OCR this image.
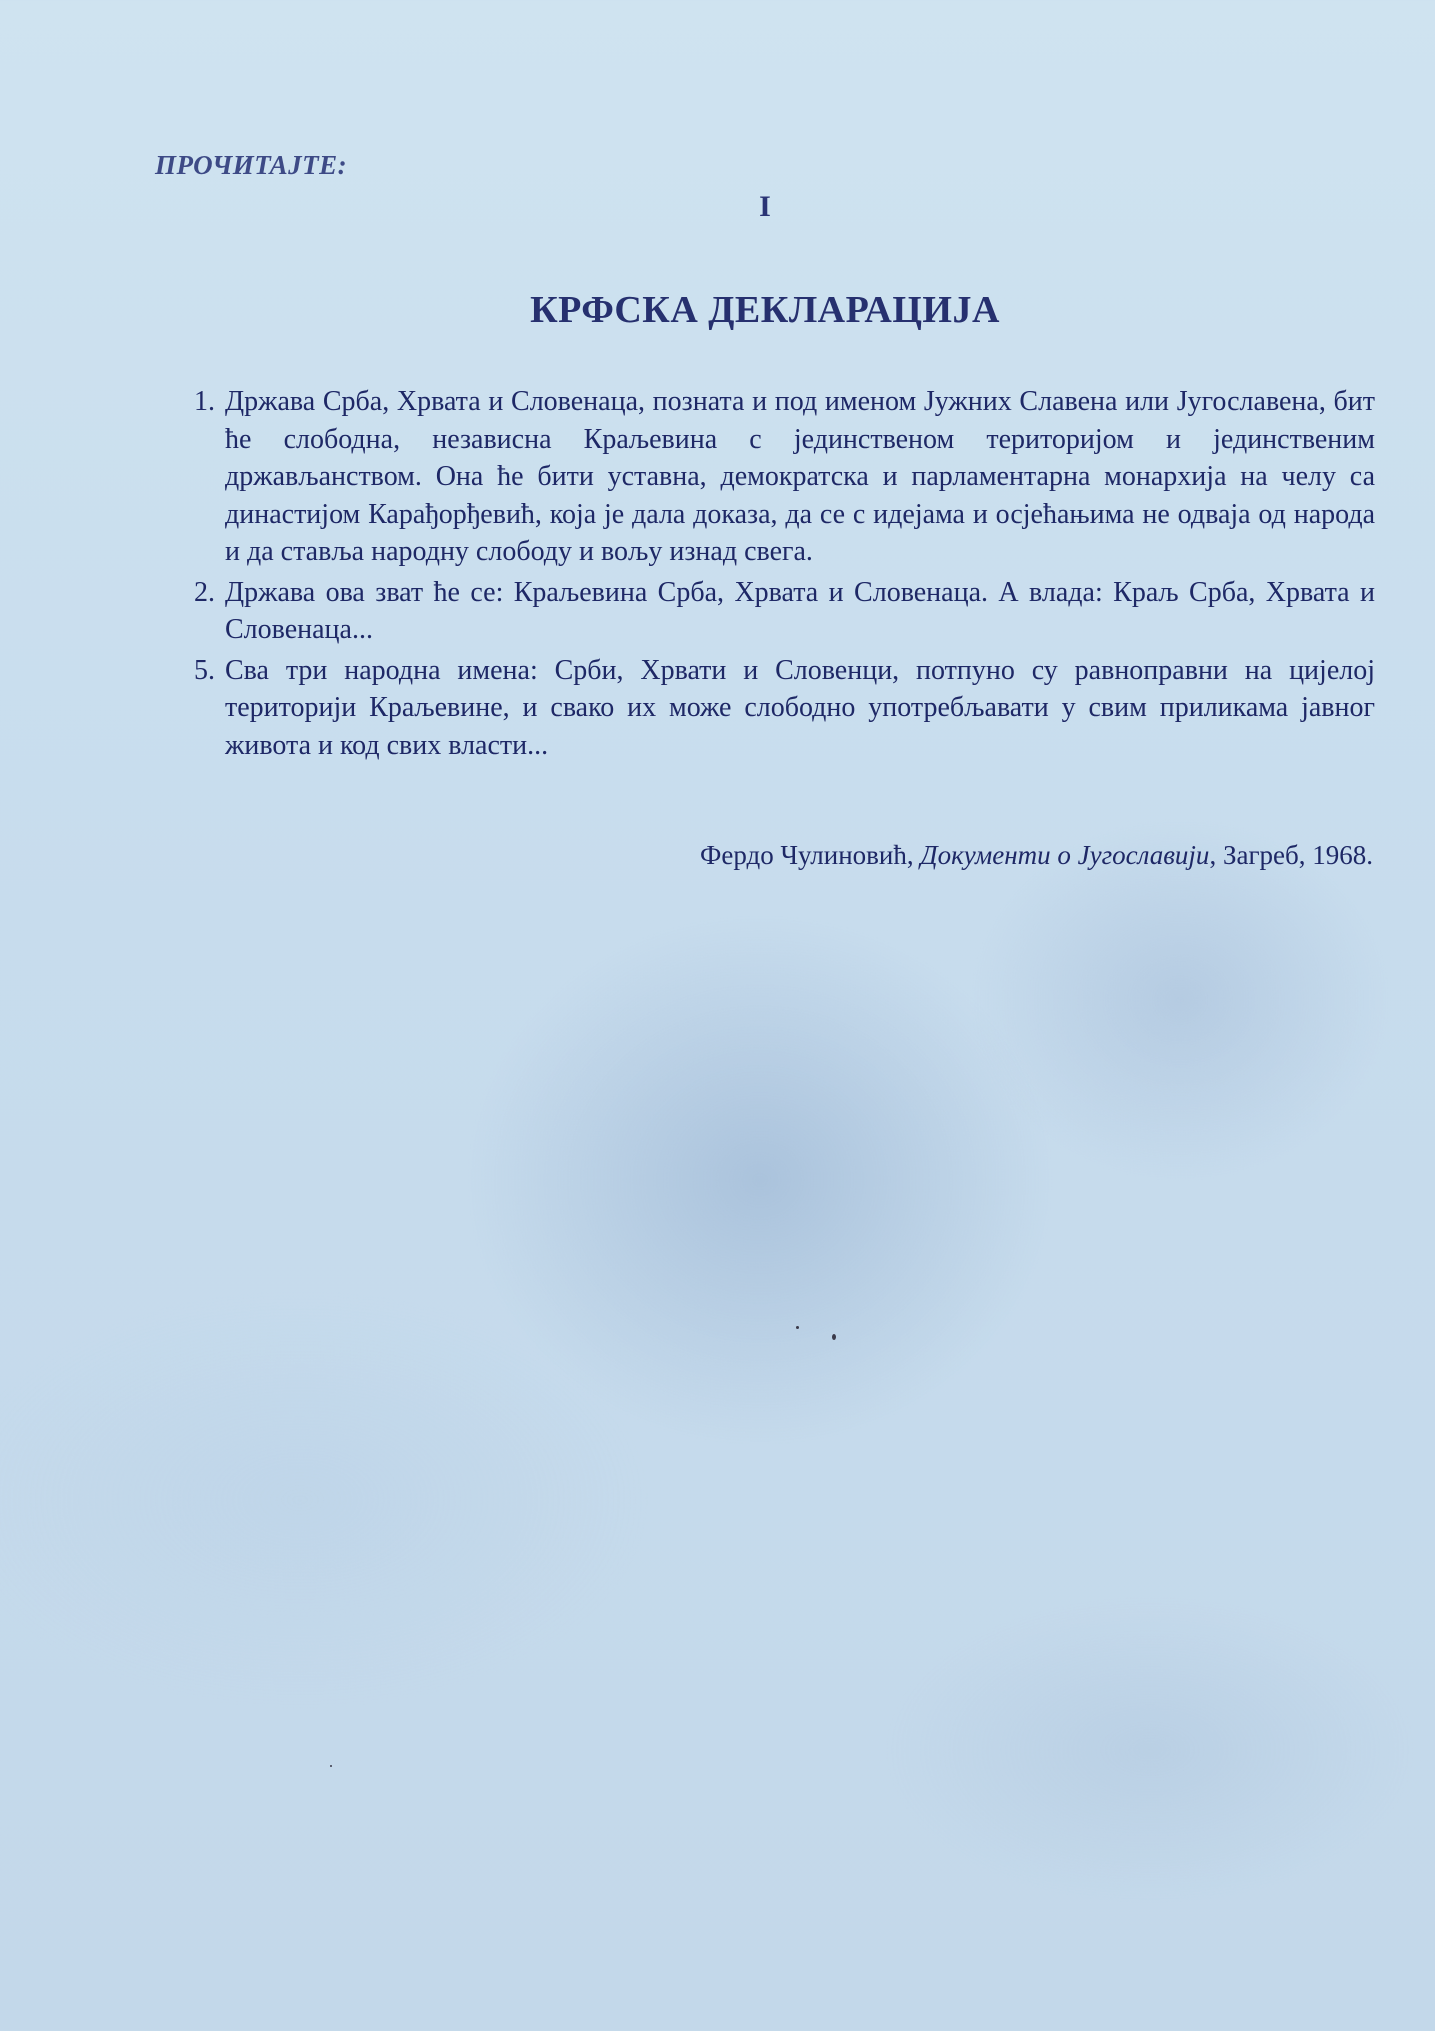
ПРОЧИТАЈТЕ:
I
КРФСКА ДЕКЛАРАЦИЈА
1. Држава Срба, Хрвата и Словенаца, позната и под именом Јужних Славена или Југославена, бит ће слободна, независна Краљевина с јединственом територијом и јединственим држављанством. Она ће бити уставна, демократска и парламентарна монархија на челу са династијом Карађорђевић, која је дала доказа, да се с идејама и осјећањима не одваја од народа и да ставља народну слободу и вољу изнад свега.
2. Држава ова зват ће се: Краљевина Срба, Хрвата и Словенаца. А влада: Краљ Срба, Хрвата и Словенаца...
5. Сва три народна имена: Срби, Хрвати и Словенци, потпуно су равноправни на цијелој територији Краљевине, и свако их може слободно употребљавати у свим приликама јавног живота и код свих власти...
Фердо Чулиновић, Документи о Југославији, Загреб, 1968.
